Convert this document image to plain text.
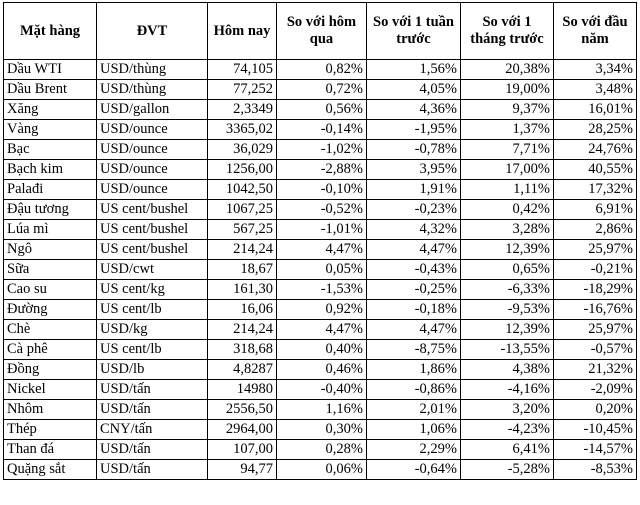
Mặt hàng	ĐVT	Hôm nay	So với hôm qua	So với 1 tuần trước	So với 1 tháng trước	So với đầu năm
Dầu WTI	USD/thùng	74,105	0,82%	1,56%	20,38%	3,34%
Dầu Brent	USD/thùng	77,252	0,72%	4,05%	19,00%	3,48%
Xăng	USD/gallon	2,3349	0,56%	4,36%	9,37%	16,01%
Vàng	USD/ounce	3365,02	-0,14%	-1,95%	1,37%	28,25%
Bạc	USD/ounce	36,029	-1,02%	-0,78%	7,71%	24,76%
Bạch kim	USD/ounce	1256,00	-2,88%	3,95%	17,00%	40,55%
Palađi	USD/ounce	1042,50	-0,10%	1,91%	1,11%	17,32%
Đậu tương	US cent/bushel	1067,25	-0,52%	-0,23%	0,42%	6,91%
Lúa mì	US cent/bushel	567,25	-1,01%	4,32%	3,28%	2,86%
Ngô	US cent/bushel	214,24	4,47%	4,47%	12,39%	25,97%
Sữa	USD/cwt	18,67	0,05%	-0,43%	0,65%	-0,21%
Cao su	US cent/kg	161,30	-1,53%	-0,25%	-6,33%	-18,29%
Đường	US cent/lb	16,06	0,92%	-0,18%	-9,53%	-16,76%
Chè	USD/kg	214,24	4,47%	4,47%	12,39%	25,97%
Cà phê	US cent/lb	318,68	0,40%	-8,75%	-13,55%	-0,57%
Đồng	USD/lb	4,8287	0,46%	1,86%	4,38%	21,32%
Nickel	USD/tấn	14980	-0,40%	-0,86%	-4,16%	-2,09%
Nhôm	USD/tấn	2556,50	1,16%	2,01%	3,20%	0,20%
Thép	CNY/tấn	2964,00	0,30%	1,06%	-4,23%	-10,45%
Than đá	USD/tấn	107,00	0,28%	2,29%	6,41%	-14,57%
Quặng sắt	USD/tấn	94,77	0,06%	-0,64%	-5,28%	-8,53%
